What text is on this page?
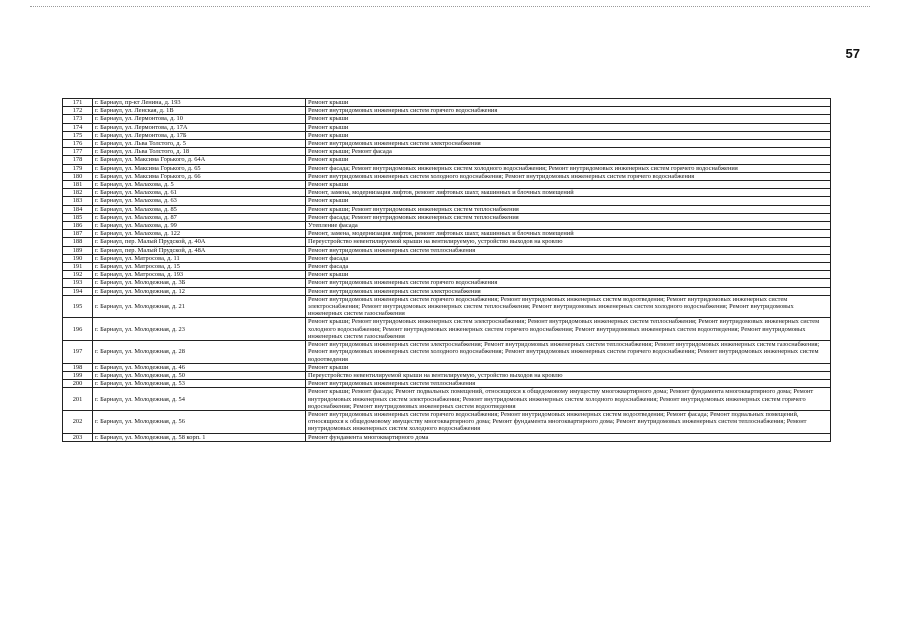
57
171	г. Барнаул, пр-кт Ленина, д. 193	Ремонт крыши
172	г. Барнаул, ул. Ленская, д. 1В	Ремонт внутридомовых инженерных систем горячего водоснабжения
173	г. Барнаул, ул. Лермонтова, д. 10	Ремонт крыши
174	г. Барнаул, ул. Лермонтова, д. 17А	Ремонт крыши
175	г. Барнаул, ул. Лермонтова, д. 17Б	Ремонт крыши
176	г. Барнаул, ул. Льва Толстого, д. 5	Ремонт внутридомовых инженерных систем электроснабжения
177	г. Барнаул, ул. Льва Толстого, д. 18	Ремонт крыши; Ремонт фасада
178	г. Барнаул, ул. Максима Горького, д. 64А	Ремонт крыши
179	г. Барнаул, ул. Максима Горького, д. 65	Ремонт фасада; Ремонт внутридомовых инженерных систем холодного водоснабжения; Ремонт внутридомовых инженерных систем горячего водоснабжения
180	г. Барнаул, ул. Максима Горького, д. 66	Ремонт внутридомовых инженерных систем холодного водоснабжения; Ремонт внутридомовых инженерных систем горячего водоснабжения
181	г. Барнаул, ул. Малахова, д. 5	Ремонт крыши
182	г. Барнаул, ул. Малахова, д. 61	Ремонт, замена, модернизация лифтов, ремонт лифтовых шахт, машинных и блочных помещений
183	г. Барнаул, ул. Малахова, д. 63	Ремонт крыши
184	г. Барнаул, ул. Малахова, д. 85	Ремонт крыши; Ремонт внутридомовых инженерных систем теплоснабжения
185	г. Барнаул, ул. Малахова, д. 87	Ремонт фасада; Ремонт внутридомовых инженерных систем теплоснабжения
186	г. Барнаул, ул. Малахова, д. 99	Утепление фасада
187	г. Барнаул, ул. Малахова, д. 122	Ремонт, замена, модернизация лифтов, ремонт лифтовых шахт, машинных и блочных помещений
188	г. Барнаул, пер. Малый Прудской, д. 40А	Переустройство невентилируемой крыши на вентилируемую, устройство выходов на кровлю
189	г. Барнаул, пер. Малый Прудской, д. 48А	Ремонт внутридомовых инженерных систем теплоснабжения
190	г. Барнаул, ул. Матросова, д. 11	Ремонт фасада
191	г. Барнаул, ул. Матросова, д. 15	Ремонт фасада
192	г. Барнаул, ул. Матросова, д. 193	Ремонт крыши
193	г. Барнаул, ул. Молодежная, д. 3Б	Ремонт внутридомовых инженерных систем горячего водоснабжения
194	г. Барнаул, ул. Молодежная, д. 12	Ремонт внутридомовых инженерных систем электроснабжения
195	г. Барнаул, ул. Молодежная, д. 21	Ремонт внутридомовых инженерных систем горячего водоснабжения; Ремонт внутридомовых инженерных систем водоотведения; Ремонт внутридомовых инженерных систем электроснабжения; Ремонт внутридомовых инженерных систем теплоснабжения; Ремонт внутридомовых инженерных систем холодного водоснабжения; Ремонт внутридомовых инженерных систем газоснабжения
196	г. Барнаул, ул. Молодежная, д. 23	Ремонт крыши; Ремонт внутридомовых инженерных систем электроснабжения; Ремонт внутридомовых инженерных систем теплоснабжения; Ремонт внутридомовых инженерных систем холодного водоснабжения; Ремонт внутридомовых инженерных систем горячего водоснабжения; Ремонт внутридомовых инженерных систем водоотведения; Ремонт внутридомовых инженерных систем газоснабжения
197	г. Барнаул, ул. Молодежная, д. 28	Ремонт внутридомовых инженерных систем электроснабжения; Ремонт внутридомовых инженерных систем теплоснабжения; Ремонт внутридомовых инженерных систем газоснабжения; Ремонт внутридомовых инженерных систем холодного водоснабжения; Ремонт внутридомовых инженерных систем горячего водоснабжения; Ремонт внутридомовых инженерных систем водоотведения
198	г. Барнаул, ул. Молодежная, д. 46	Ремонт крыши
199	г. Барнаул, ул. Молодежная, д. 50	Переустройство невентилируемой крыши на вентилируемую, устройство выходов на кровлю
200	г. Барнаул, ул. Молодежная, д. 53	Ремонт внутридомовых инженерных систем теплоснабжения
201	г. Барнаул, ул. Молодежная, д. 54	Ремонт крыши; Ремонт фасада; Ремонт подвальных помещений, относящихся к общедомовому имуществу многоквартирного дома; Ремонт фундамента многоквартирного дома; Ремонт внутридомовых инженерных систем электроснабжения; Ремонт внутридомовых инженерных систем холодного водоснабжения; Ремонт внутридомовых инженерных систем горячего водоснабжения; Ремонт внутридомовых инженерных систем водоотведения
202	г. Барнаул, ул. Молодежная, д. 56	Ремонт внутридомовых инженерных систем горячего водоснабжения; Ремонт внутридомовых инженерных систем водоотведения; Ремонт фасада; Ремонт подвальных помещений, относящихся к общедомовому имуществу многоквартирного дома; Ремонт фундамента многоквартирного дома; Ремонт внутридомовых инженерных систем теплоснабжения; Ремонт внутридомовых инженерных систем холодного водоснабжения
203	г. Барнаул, ул. Молодежная, д. 58 корп. 1	Ремонт фундамента многоквартирного дома
